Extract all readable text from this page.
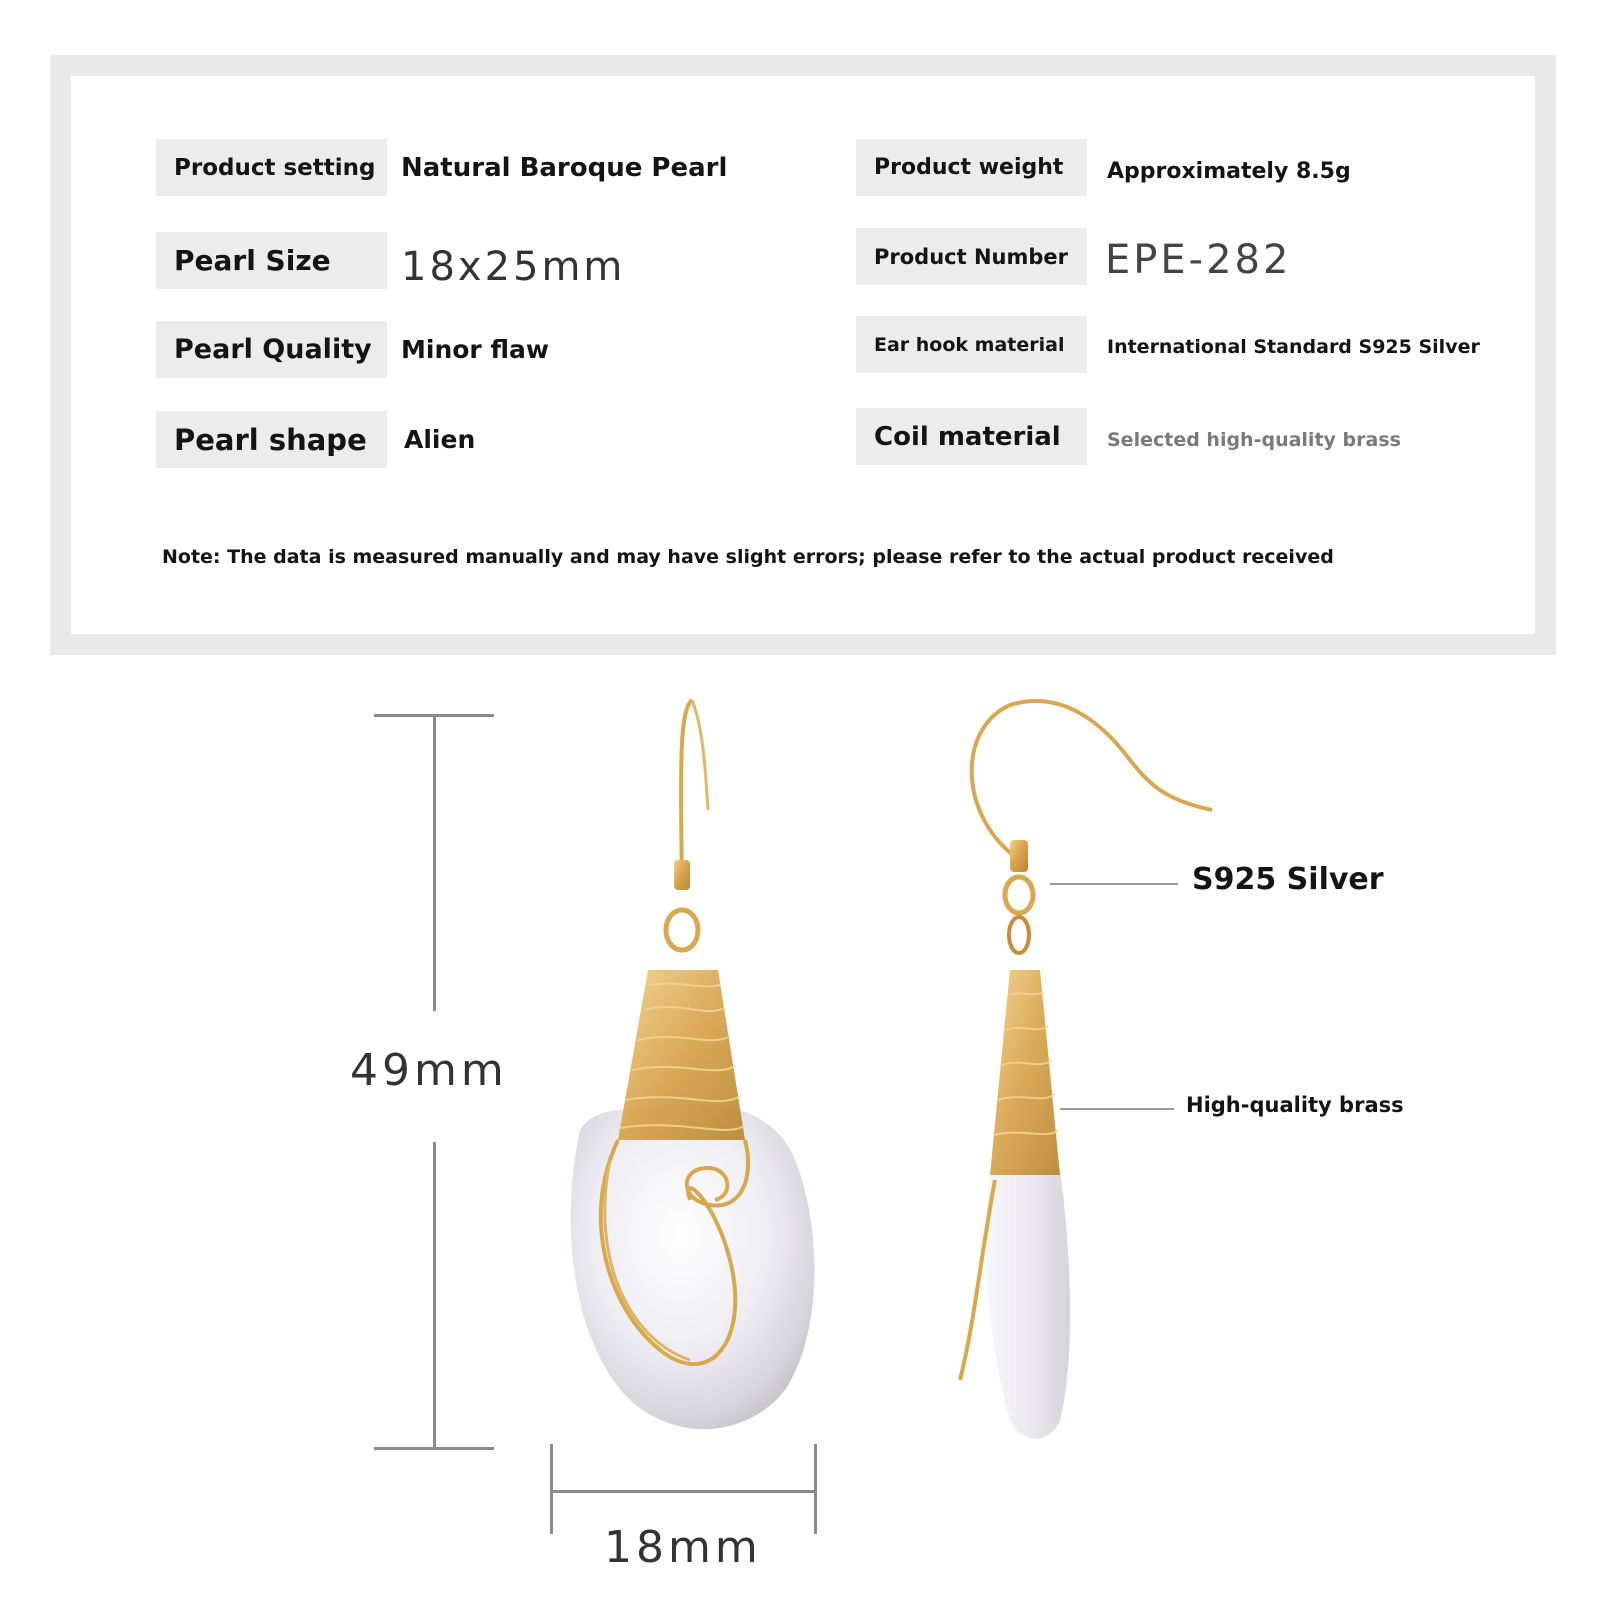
Product setting Natural Baroque Pearl
Pearl Size	18x25mm
Pearl Quality	Minor flaw
Pearl shape	Alien
Product weight	Approximately 8.5g
Product Number EPE-282
Ear hook material	International Standard S925 Silver
Coil material	Selected high-quality brass
Note: The data is measured manually and may have slight errors; please refer to the actual product received
49mm
18mm
S925 Silver
High-quality brass
